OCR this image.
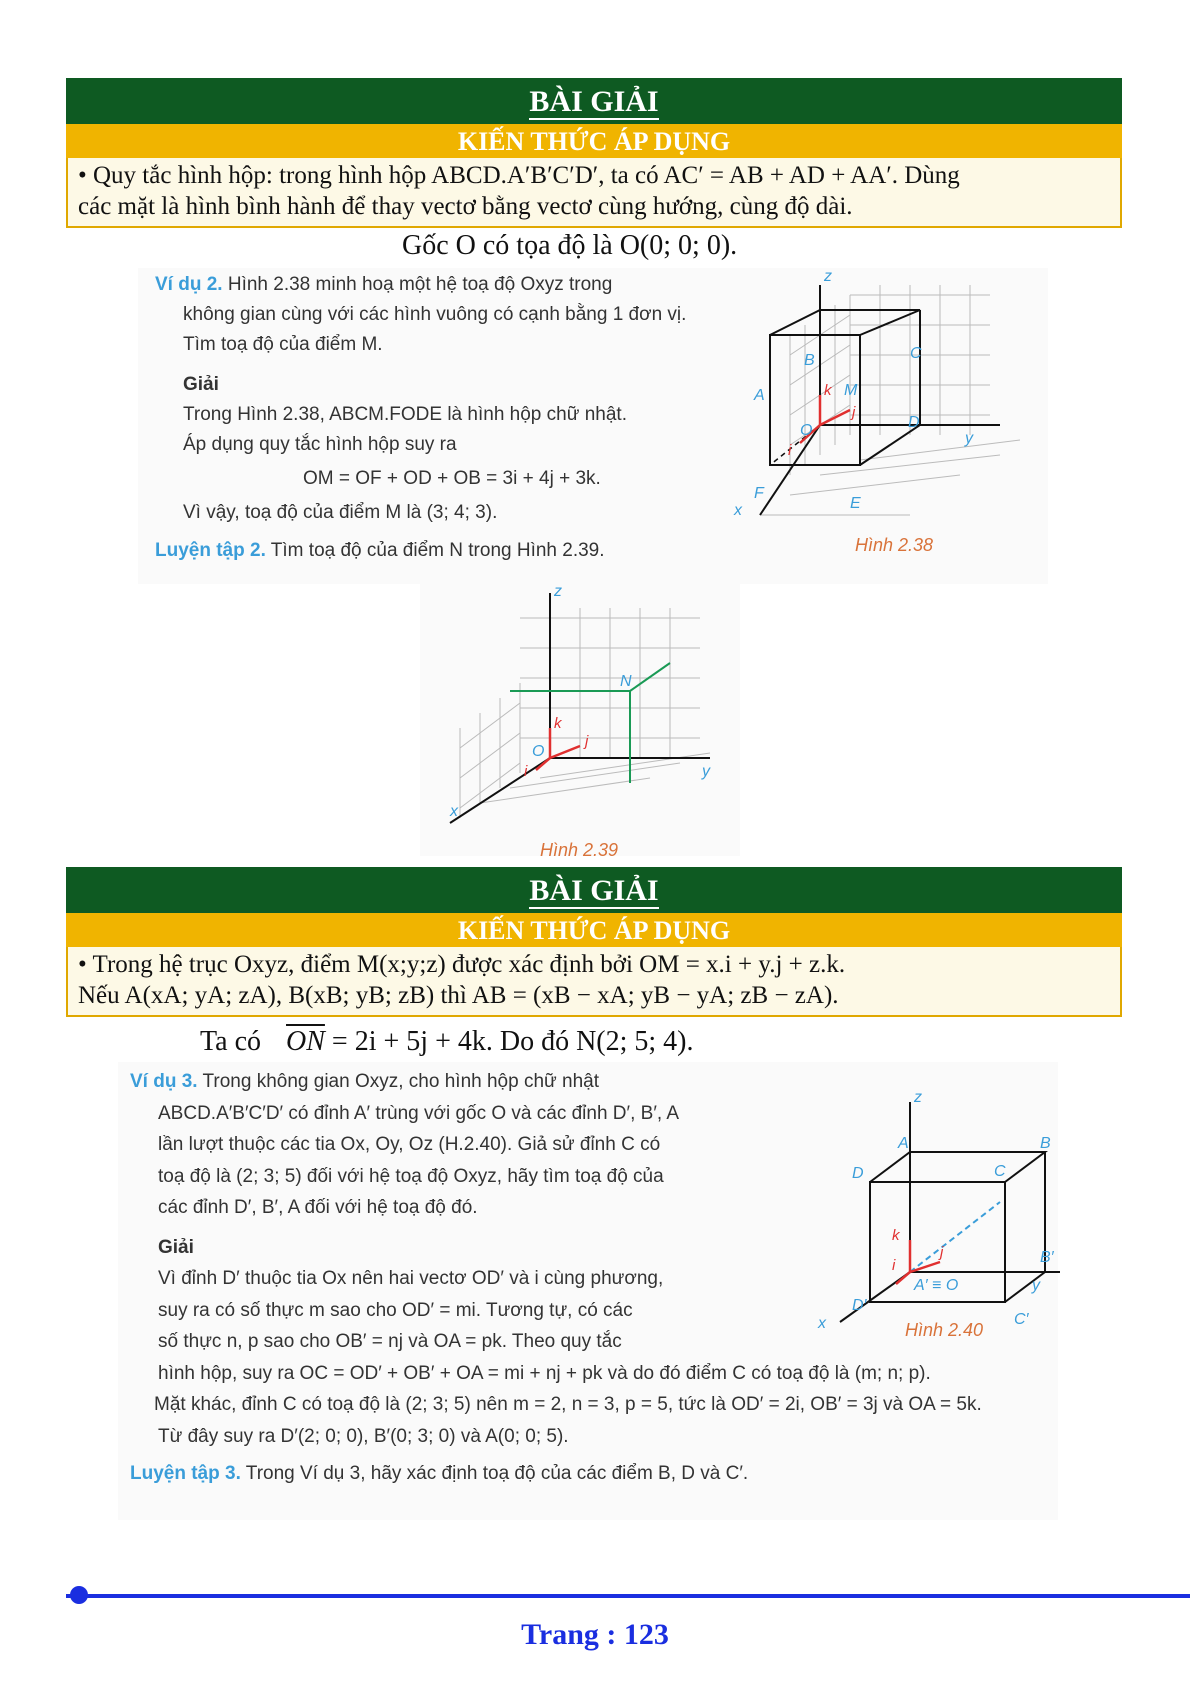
BÀI GIẢI
KIẾN THỨC ÁP DỤNG
• Quy tắc hình hộp: trong hình hộp ABCD.A′B′C′D′, ta có AC′ = AB + AD + AA′. Dùng
các mặt là hình bình hành để thay vectơ bằng vectơ cùng hướng, cùng độ dài.
Gốc O có tọa độ là O(0; 0; 0).

Ví dụ 2. Hình 2.38 minh hoạ một hệ toạ độ Oxyz trong

không gian cùng với các hình vuông có cạnh bằng 1 đơn vị.

Tìm toạ độ của điểm M.

Giải

Trong Hình 2.38, ABCM.FODE là hình hộp chữ nhật.

Áp dụng quy tắc hình hộp suy ra

OM = OF + OD + OB = 3i + 4j + 3k.

Vì vậy, toạ độ của điểm M là (3; 4; 3).

Luyện tập 2. Tìm toạ độ của điểm N trong Hình 2.39.

z
B	C
A	k M
j
O	D
i
y
F
E
x
Hình 2.38
z
N
k
j
O
i	y
x
Hình 2.39
BÀI GIẢI
KIẾN THỨC ÁP DỤNG
• Trong hệ trục Oxyz, điểm M(x;y;z) được xác định bởi OM = x.i + y.j + z.k.
Nếu A(xA; yA; zA), B(xB; yB; zB) thì AB = (xB − xA; yB − yA; zB − zA).
Ta có $\overline{ON} = 2i + 5j + 4k$. Do đó N(2; 5; 4).

Ví dụ 3. Trong không gian Oxyz, cho hình hộp chữ nhật

ABCD.A′B′C′D′ có đỉnh A′ trùng với gốc O và các đỉnh D′, B′, A

lần lượt thuộc các tia Ox, Oy, Oz (H.2.40). Giả sử đỉnh C có

toạ độ là (2; 3; 5) đối với hệ toạ độ Oxyz, hãy tìm toạ độ của

các đỉnh D′, B′, A đối với hệ toạ độ đó.

Giải

Vì đỉnh D′ thuộc tia Ox nên hai vectơ OD′ và i cùng phương,

suy ra có số thực m sao cho OD′ = mi. Tương tự, có các

số thực n, p sao cho OB′ = nj và OA = pk. Theo quy tắc

hình hộp, suy ra OC = OD′ + OB′ + OA = mi + nj + pk và do đó điểm C có toạ độ là (m; n; p).

Mặt khác, đỉnh C có toạ độ là (2; 3; 5) nên m = 2, n = 3, p = 5, tức là OD′ = 2i, OB′ = 3j và OA = 5k.

Từ đây suy ra D′(2; 0; 0), B′(0; 3; 0) và A(0; 0; 5).

Luyện tập 3. Trong Ví dụ 3, hãy xác định toạ độ của các điểm B, D và C′.

z
A	B
D	C
k
j	B′
i
A′ ≡ O	y
D′
C′
x	Hình 2.40
Trang : 123
